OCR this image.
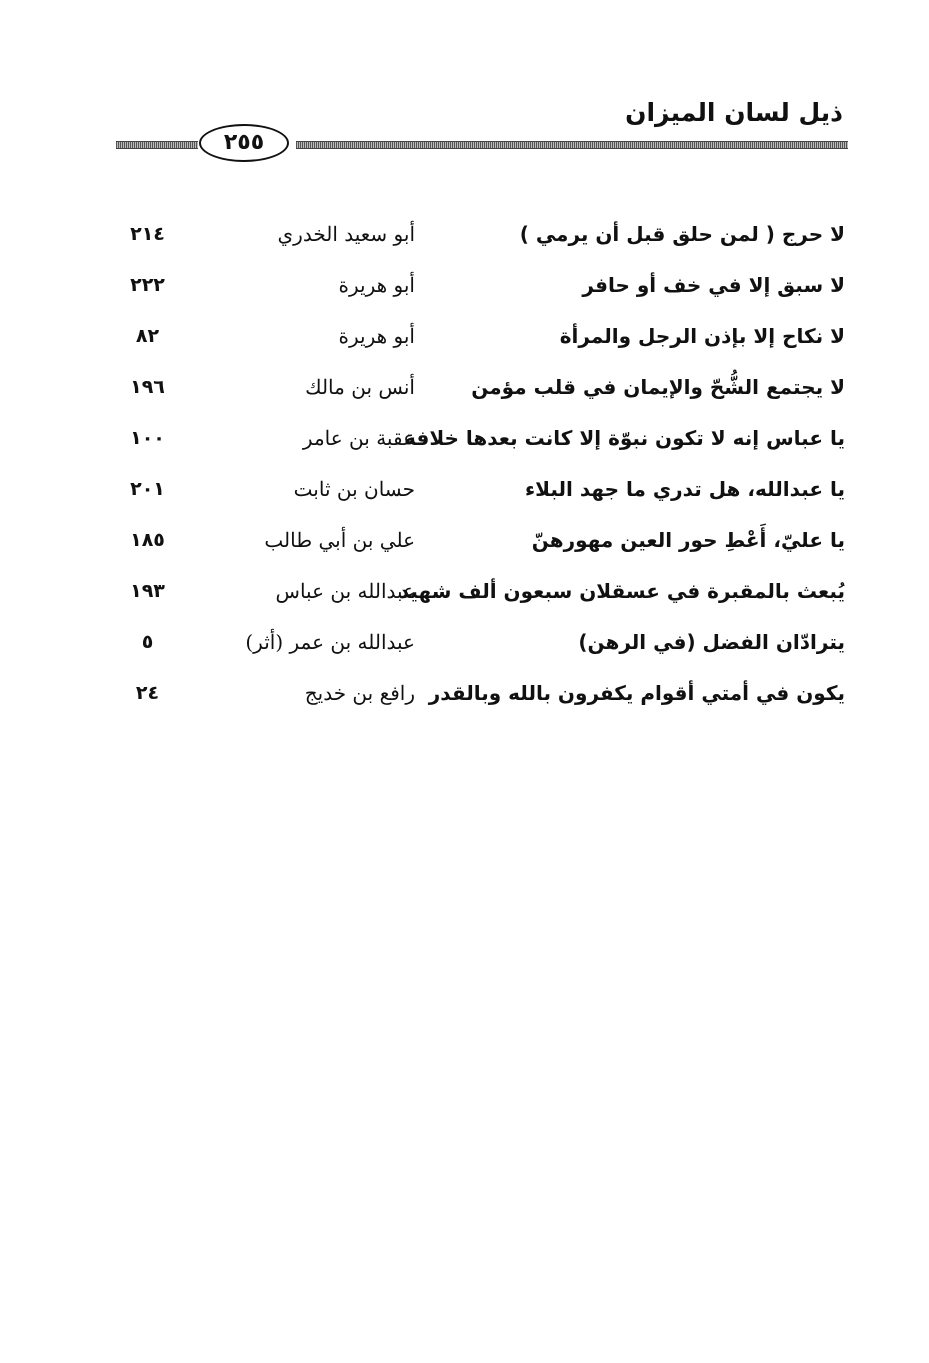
ذيل لسان الميزان
٢٥٥
لا حرج ( لمن حلق قبل أن يرمي )
أبو سعيد الخدري
٢١٤
لا سبق إلا في خف أو حافر
أبو هريرة
٢٢٢
لا نكاح إلا بإذن الرجل والمرأة
أبو هريرة
٨٢
لا يجتمع الشُّحّ والإيمان في قلب مؤمن
أنس بن مالك
١٩٦
يا عباس إنه لا تكون نبوّة إلا كانت بعدها خلافة
عقبة بن عامر
١٠٠
يا عبدالله، هل تدري ما جهد البلاء
حسان بن ثابت
٢٠١
يا عليّ، أَعْطِ حور العين مهورهنّ
علي بن أبي طالب
١٨٥
يُبعث بالمقبرة في عسقلان سبعون ألف شهيد
عبدالله بن عباس
١٩٣
يترادّان الفضل (في الرهن)
عبدالله بن عمر (أثر)
٥
يكون في أمتي أقوام يكفرون بالله وبالقدر
رافع بن خديج
٢٤
